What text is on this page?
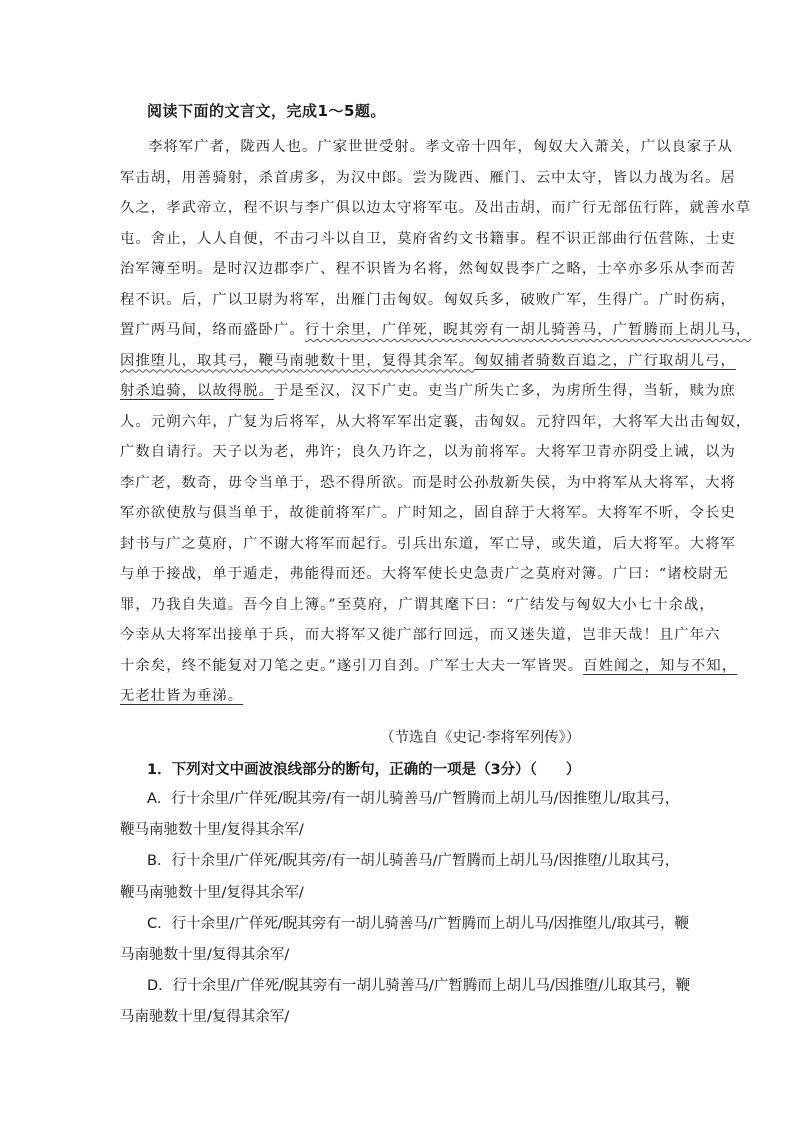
阅读下面的文言文，完成1～5题。
李将军广者，陇西人也。广家世世受射。孝文帝十四年，匈奴大入萧关，广以良家子从
军击胡，用善骑射，杀首虏多，为汉中郎。尝为陇西、雁门、云中太守，皆以力战为名。居
久之，孝武帝立，程不识与李广俱以边太守将军屯。及出击胡，而广行无部伍行阵，就善水草
屯。舍止，人人自便，不击刁斗以自卫，莫府省约文书籍事。程不识正部曲行伍营陈，士吏
治军簿至明。是时汉边郡李广、程不识皆为名将，然匈奴畏李广之略，士卒亦多乐从李而苦
程不识。后，广以卫尉为将军，出雁门击匈奴。匈奴兵多，破败广军，生得广。广时伤病，
置广两马间，络而盛卧广。行十余里，广佯死，睨其旁有一胡儿骑善马，广暂腾而上胡儿马，
因推堕儿，取其弓，鞭马南驰数十里，复得其余军。匈奴捕者骑数百追之，广行取胡儿弓，
射杀追骑，以故得脱。于是至汉，汉下广吏。吏当广所失亡多，为虏所生得，当斩，赎为庶
人。元朔六年，广复为后将军，从大将军军出定襄，击匈奴。元狩四年，大将军大出击匈奴，
广数自请行。天子以为老，弗许；良久乃许之，以为前将军。大将军卫青亦阴受上诫，以为
李广老，数奇，毋令当单于，恐不得所欲。而是时公孙敖新失侯，为中将军从大将军，大将
军亦欲使敖与俱当单于，故徙前将军广。广时知之，固自辞于大将军。大将军不听，令长史
封书与广之莫府，广不谢大将军而起行。引兵出东道，军亡导，或失道，后大将军。大将军
与单于接战，单于遁走，弗能得而还。大将军使长史急责广之莫府对簿。广曰：“诸校尉无
罪，乃我自失道。吾今自上簿。”至莫府，广谓其麾下曰：“广结发与匈奴大小七十余战，
今幸从大将军出接单于兵，而大将军又徙广部行回远，而又迷失道，岂非天哉！且广年六
十余矣，终不能复对刀笔之吏。”遂引刀自刭。广军士大夫一军皆哭。百姓闻之，知与不知，
无老壮皆为垂涕。
（节选自《史记·李将军列传》）
1．下列对文中画波浪线部分的断句，正确的一项是（3分）（　　）
A．行十余里/广佯死/睨其旁/有一胡儿骑善马/广暂腾而上胡儿马/因推堕儿/取其弓，
鞭马南驰数十里/复得其余军/
B．行十余里/广佯死/睨其旁/有一胡儿骑善马/广暂腾而上胡儿马/因推堕/儿取其弓，
鞭马南驰数十里/复得其余军/
C．行十余里/广佯死/睨其旁有一胡儿骑善马/广暂腾而上胡儿马/因推堕儿/取其弓，鞭
马南驰数十里/复得其余军/
D．行十余里/广佯死/睨其旁有一胡儿骑善马/广暂腾而上胡儿马/因推堕/儿取其弓，鞭
马南驰数十里/复得其余军/
